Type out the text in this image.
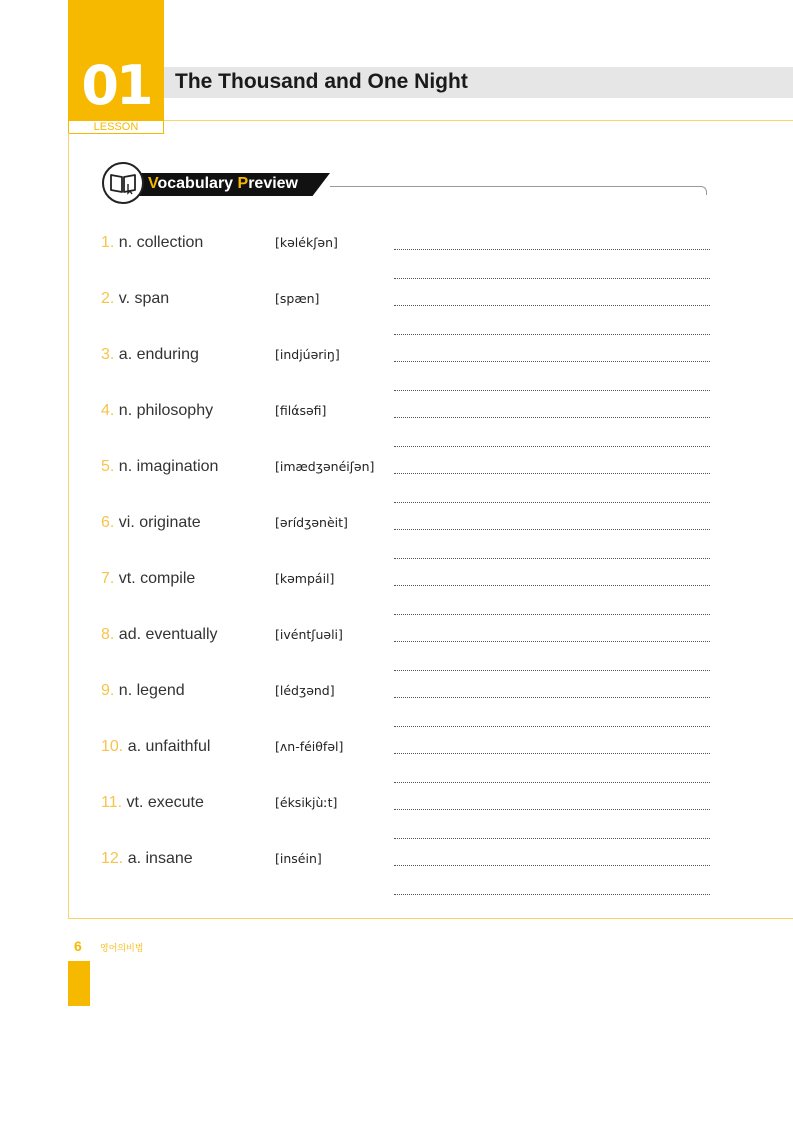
01
LESSON
The Thousand and One Night
Vocabulary Preview
1. n. collection	[kəlékʃən]
2. v. span	[spæn]
3. a. enduring	[indjúəriŋ]
4. n. philosophy	[filάsəfi]
5. n. imagination	[imædʒənéiʃən]
6. vi. originate	[ərídʒənèit]
7. vt. compile	[kəmpáil]
8. ad. eventually	[ivéntʃuəli]
9. n. legend	[lédʒənd]
10. a. unfaithful	[ʌn-féiθfəl]
11. vt. execute	[éksikjùːt]
12. a. insane	[inséin]
6 영어의비법
